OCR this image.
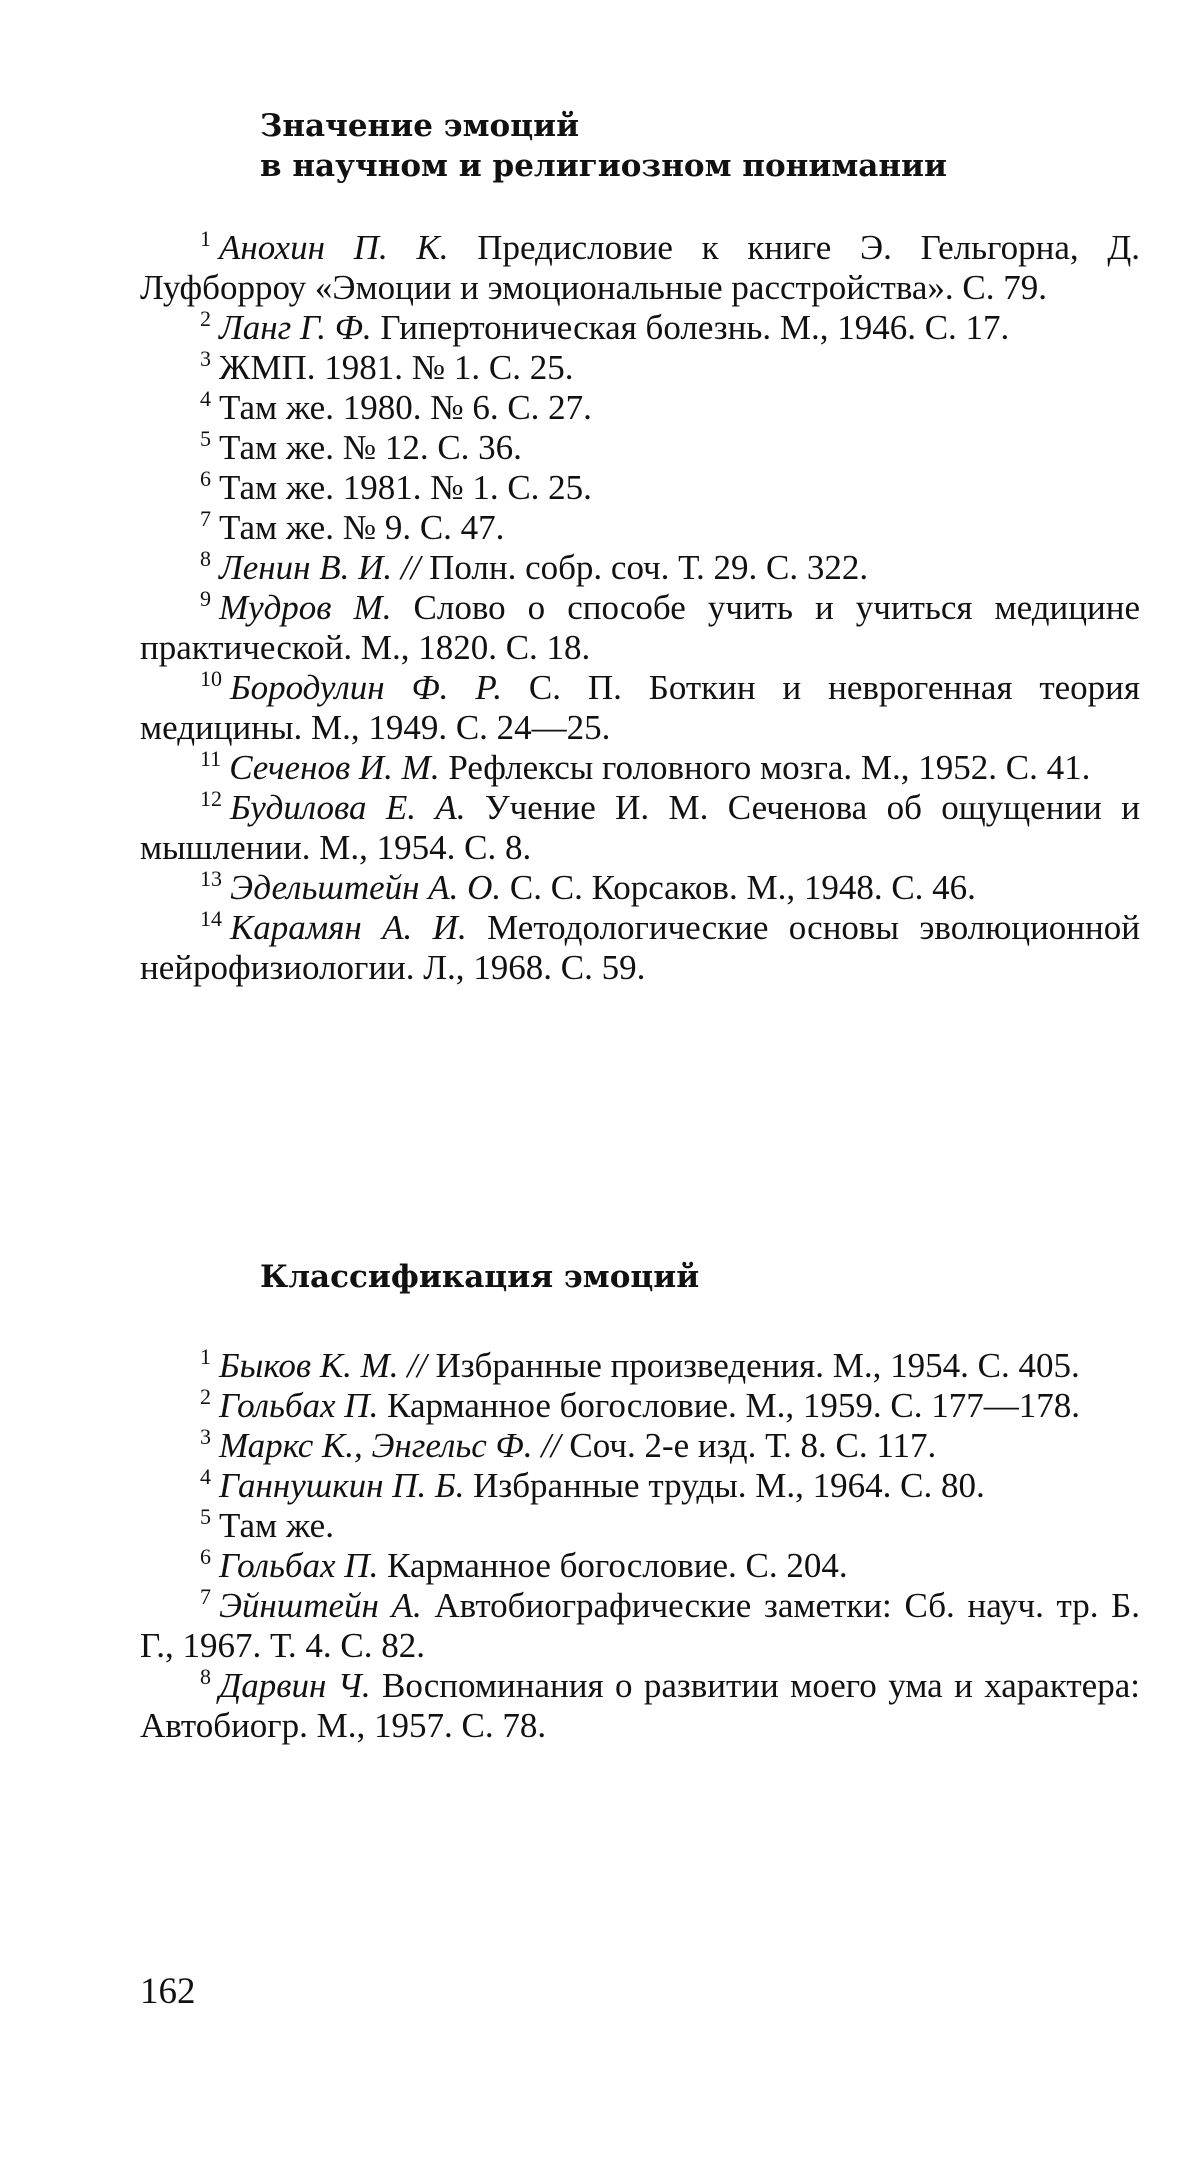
Значение эмоций
в научном и религиозном понимании

$^1$ Анохин П. К. Предисловие к книге Э. Гельгорна, Д. Луфборроу «Эмоции и эмоциональные расстройства». С. 79.

$^2$ Ланг Г. Ф. Гипертоническая болезнь. М., 1946. С. 17.

$^3$ ЖМП. 1981. № 1. С. 25.

$^4$ Там же. 1980. № 6. С. 27.

$^5$ Там же. № 12. С. 36.

$^6$ Там же. 1981. № 1. С. 25.

$^7$ Там же. № 9. С. 47.

$^8$ Ленин В. И. // Полн. собр. соч. Т. 29. С. 322.

$^9$ Мудров М. Слово о способе учить и учиться медицине практической. М., 1820. С. 18.

$^{10}$ Бородулин Ф. Р. С. П. Боткин и неврогенная теория медицины. М., 1949. С. 24—25.

$^{11}$ Сеченов И. М. Рефлексы головного мозга. М., 1952. С. 41.

$^{12}$ Будилова Е. А. Учение И. М. Сеченова об ощущении и мышлении. М., 1954. С. 8.

$^{13}$ Эдельштейн А. О. С. С. Корсаков. М., 1948. С. 46.

$^{14}$ Карамян А. И. Методологические основы эволюционной нейрофизиологии. Л., 1968. С. 59.

Классификация эмоций

$^1$ Быков К. М. // Избранные произведения. М., 1954. С. 405.

$^2$ Гольбах П. Карманное богословие. М., 1959. С. 177—178.

$^3$ Маркс К., Энгельс Ф. // Соч. 2-е изд. Т. 8. С. 117.

$^4$ Ганнушкин П. Б. Избранные труды. М., 1964. С. 80.

$^5$ Там же.

$^6$ Гольбах П. Карманное богословие. С. 204.

$^7$ Эйнштейн А. Автобиографические заметки: Сб. науч. тр. Б. Г., 1967. Т. 4. С. 82.

$^8$ Дарвин Ч. Воспоминания о развитии моего ума и характера: Автобиогр. М., 1957. С. 78.

162
